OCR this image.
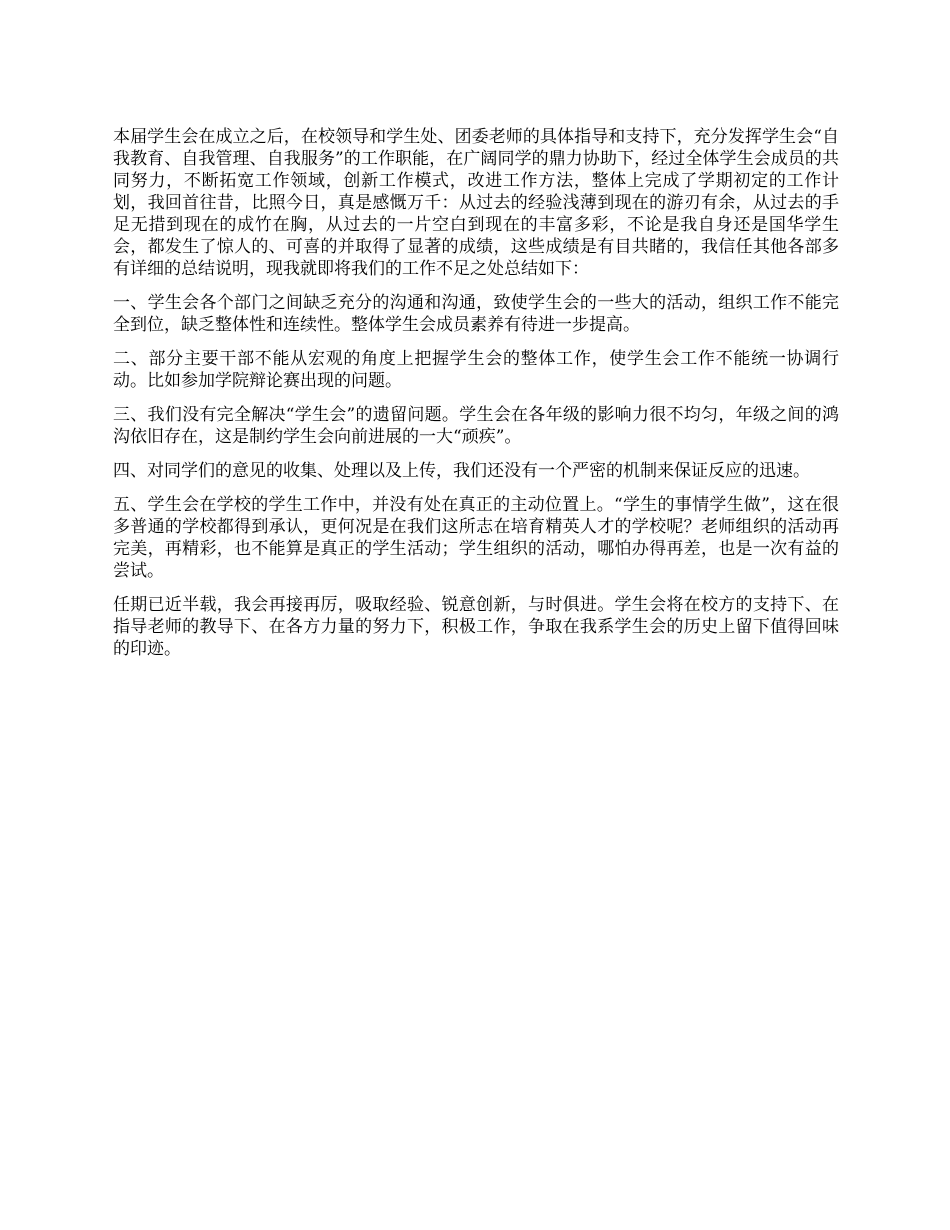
本届学生会在成立之后，在校领导和学生处、团委老师的具体指导和支持下，充分发挥学生会“自我教育、自我管理、自我服务”的工作职能，在广阔同学的鼎力协助下，经过全体学生会成员的共同努力，不断拓宽工作领域，创新工作模式，改进工作方法，整体上完成了学期初定的工作计划，我回首往昔，比照今日，真是感慨万千：从过去的经验浅薄到现在的游刃有余，从过去的手足无措到现在的成竹在胸，从过去的一片空白到现在的丰富多彩，不论是我自身还是国华学生会，都发生了惊人的、可喜的并取得了显著的成绩，这些成绩是有目共睹的，我信任其他各部多有详细的总结说明，现我就即将我们的工作不足之处总结如下：

一、学生会各个部门之间缺乏充分的沟通和沟通，致使学生会的一些大的活动，组织工作不能完全到位，缺乏整体性和连续性。整体学生会成员素养有待进一步提高。

二、部分主要干部不能从宏观的角度上把握学生会的整体工作，使学生会工作不能统一协调行动。比如参加学院辩论赛出现的问题。

三、我们没有完全解决“学生会”的遗留问题。学生会在各年级的影响力很不均匀，年级之间的鸿沟依旧存在，这是制约学生会向前进展的一大“顽疾”。

四、对同学们的意见的收集、处理以及上传，我们还没有一个严密的机制来保证反应的迅速。

五、学生会在学校的学生工作中，并没有处在真正的主动位置上。“学生的事情学生做”，这在很多普通的学校都得到承认，更何况是在我们这所志在培育精英人才的学校呢？老师组织的活动再完美，再精彩，也不能算是真正的学生活动；学生组织的活动，哪怕办得再差，也是一次有益的尝试。

任期已近半载，我会再接再厉，吸取经验、锐意创新，与时俱进。学生会将在校方的支持下、在指导老师的教导下、在各方力量的努力下，积极工作，争取在我系学生会的历史上留下值得回味的印迹。
